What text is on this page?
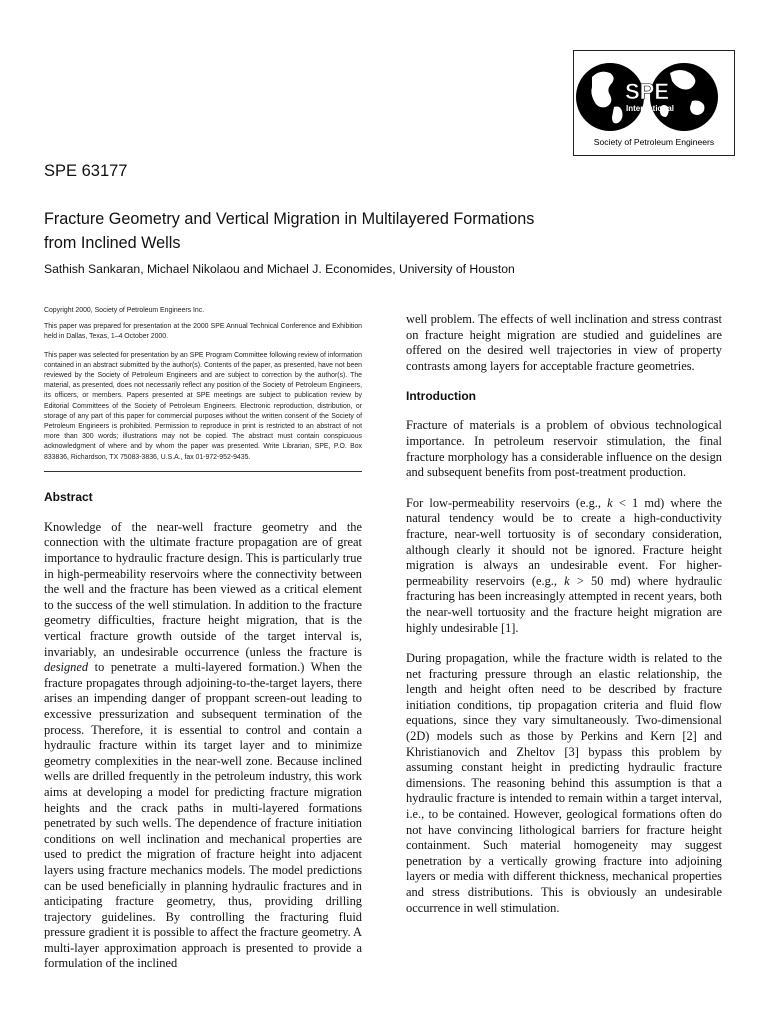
SPE
International
Society of Petroleum Engineers
SPE 63177
Fracture Geometry and Vertical Migration in Multilayered Formations
from Inclined Wells
Sathish Sankaran, Michael Nikolaou and Michael J. Economides, University of Houston

Copyright 2000, Society of Petroleum Engineers Inc.

This paper was prepared for presentation at the 2000 SPE Annual Technical Conference and Exhibition held in Dallas, Texas, 1–4 October 2000.

This paper was selected for presentation by an SPE Program Committee following review of information contained in an abstract submitted by the author(s). Contents of the paper, as presented, have not been reviewed by the Society of Petroleum Engineers and are subject to correction by the author(s). The material, as presented, does not necessarily reflect any position of the Society of Petroleum Engineers, its officers, or members. Papers presented at SPE meetings are subject to publication review by Editorial Committees of the Society of Petroleum Engineers. Electronic reproduction, distribution, or storage of any part of this paper for commercial purposes without the written consent of the Society of Petroleum Engineers is prohibited. Permission to reproduce in print is restricted to an abstract of not more than 300 words; illustrations may not be copied. The abstract must contain conspicuous acknowledgment of where and by whom the paper was presented. Write Librarian, SPE, P.O. Box 833836, Richardson, TX 75083-3836, U.S.A., fax 01-972-952-9435.

Abstract

Knowledge of the near-well fracture geometry and the connection with the ultimate fracture propagation are of great importance to hydraulic fracture design. This is particularly true in high-permeability reservoirs where the connectivity between the well and the fracture has been viewed as a critical element to the success of the well stimulation. In addition to the fracture geometry difficulties, fracture height migration, that is the vertical fracture growth outside of the target interval is, invariably, an undesirable occurrence (unless the fracture is designed to penetrate a multi-layered formation.) When the fracture propagates through adjoining-to-the-target layers, there arises an impending danger of proppant screen-out leading to excessive pressurization and subsequent termination of the process. Therefore, it is essential to control and contain a hydraulic fracture within its target layer and to minimize geometry complexities in the near-well zone. Because inclined wells are drilled frequently in the petroleum industry, this work aims at developing a model for predicting fracture migration heights and the crack paths in multi-layered formations penetrated by such wells. The dependence of fracture initiation conditions on well inclination and mechanical properties are used to predict the migration of fracture height into adjacent layers using fracture mechanics models. The model predictions can be used beneficially in planning hydraulic fractures and in anticipating fracture geometry, thus, providing drilling trajectory guidelines. By controlling the fracturing fluid pressure gradient it is possible to affect the fracture geometry. A multi-layer approximation approach is presented to provide a formulation of the inclined

well problem. The effects of well inclination and stress contrast on fracture height migration are studied and guidelines are offered on the desired well trajectories in view of property contrasts among layers for acceptable fracture geometries.

Introduction

Fracture of materials is a problem of obvious technological importance. In petroleum reservoir stimulation, the final fracture morphology has a considerable influence on the design and subsequent benefits from post-treatment production.

For low-permeability reservoirs (e.g., k < 1 md) where the natural tendency would be to create a high-conductivity fracture, near-well tortuosity is of secondary consideration, although clearly it should not be ignored. Fracture height migration is always an undesirable event. For higher-permeability reservoirs (e.g., k > 50 md) where hydraulic fracturing has been increasingly attempted in recent years, both the near-well tortuosity and the fracture height migration are highly undesirable [1].

During propagation, while the fracture width is related to the net fracturing pressure through an elastic relationship, the length and height often need to be described by fracture initiation conditions, tip propagation criteria and fluid flow equations, since they vary simultaneously. Two-dimensional (2D) models such as those by Perkins and Kern [2] and Khristianovich and Zheltov [3] bypass this problem by assuming constant height in predicting hydraulic fracture dimensions. The reasoning behind this assumption is that a hydraulic fracture is intended to remain within a target interval, i.e., to be contained. However, geological formations often do not have convincing lithological barriers for fracture height containment. Such material homogeneity may suggest penetration by a vertically growing fracture into adjoining layers or media with different thickness, mechanical properties and stress distributions. This is obviously an undesirable occurrence in well stimulation.
